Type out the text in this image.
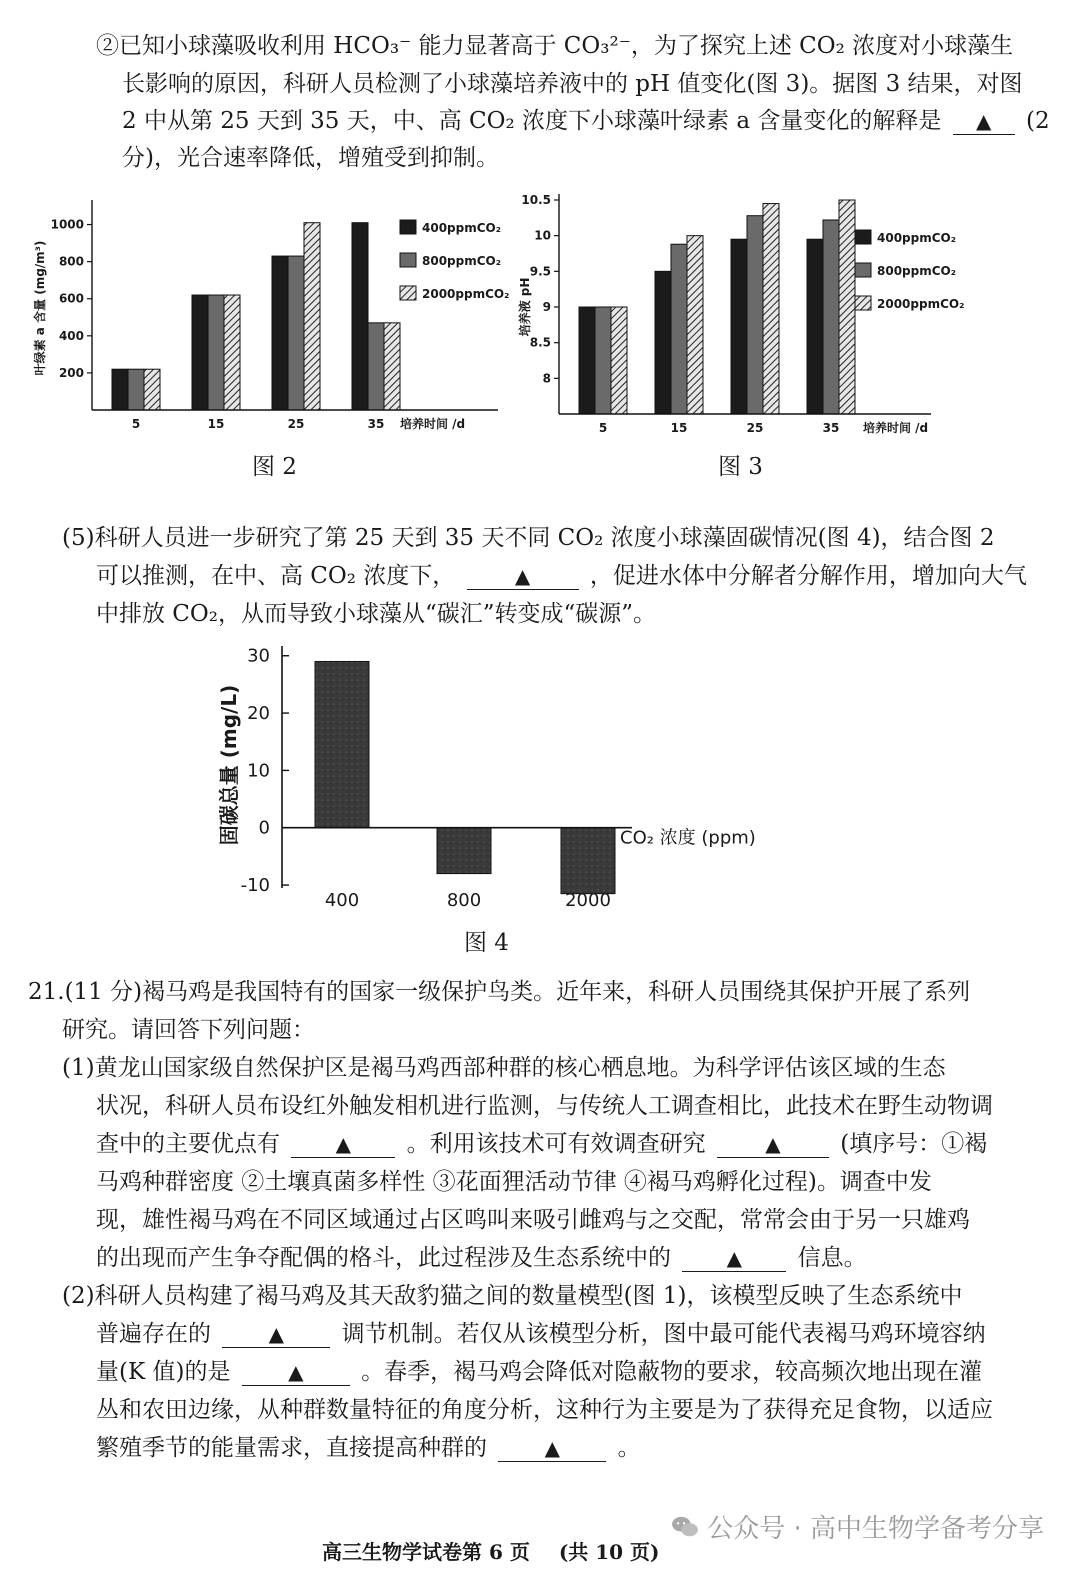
②已知小球藻吸收利用 HCO₃⁻ 能力显著高于 CO₃²⁻，为了探究上述 CO₂ 浓度对小球藻生
长影响的原因，科研人员检测了小球藻培养液中的 pH 值变化(图 3)。据图 3 结果，对图
2 中从第 25 天到 35 天，中、高 CO₂ 浓度下小球藻叶绿素 a 含量变化的解释是 ▲ (2
分)，光合速率降低，增殖受到抑制。
5	15	25	35
200
400
600
800
1000
培养时间 /d
叶绿素 a 含量 (mg/m³)
400ppmCO₂
800ppmCO₂
2000ppmCO₂
图 2
5	15	25	35
8
8.5
9
9.5
10
10.5
培养时间 /d
培养液 pH
400ppmCO₂
800ppmCO₂
2000ppmCO₂
图 3
(5)科研人员进一步研究了第 25 天到 35 天不同 CO₂ 浓度小球藻固碳情况(图 4)，结合图 2
可以推测，在中、高 CO₂ 浓度下，	▲	，促进水体中分解者分解作用，增加向大气
中排放 CO₂，从而导致小球藻从“碳汇”转变成“碳源”。
400	800	2000
30
20
10
0
-10
CO₂ 浓度 (ppm)
固碳总量 (mg/L)
图 4
21.(11 分)褐马鸡是我国特有的国家一级保护鸟类。近年来，科研人员围绕其保护开展了系列
研究。请回答下列问题：
(1)黄龙山国家级自然保护区是褐马鸡西部种群的核心栖息地。为科学评估该区域的生态
状况，科研人员布设红外触发相机进行监测，与传统人工调查相比，此技术在野生动物调
查中的主要优点有	▲ 。利用该技术可有效调查研究	▲	(填序号：①褐
马鸡种群密度 ②土壤真菌多样性 ③花面狸活动节律 ④褐马鸡孵化过程)。调查中发
现，雄性褐马鸡在不同区域通过占区鸣叫来吸引雌鸡与之交配，常常会由于另一只雄鸡
的出现而产生争夺配偶的格斗，此过程涉及生态系统中的	▲ 信息。
(2)科研人员构建了褐马鸡及其天敌豹猫之间的数量模型(图 1)，该模型反映了生态系统中
普遍存在的	▲	调节机制。若仅从该模型分析，图中最可能代表褐马鸡环境容纳
量(K 值)的是	▲	。春季，褐马鸡会降低对隐蔽物的要求，较高频次地出现在灌
丛和农田边缘，从种群数量特征的角度分析，这种行为主要是为了获得充足食物，以适应
繁殖季节的能量需求，直接提高种群的	▲	。
公众号 · 高中生物学备考分享
高三生物学试卷第 6 页 (共 10 页)
